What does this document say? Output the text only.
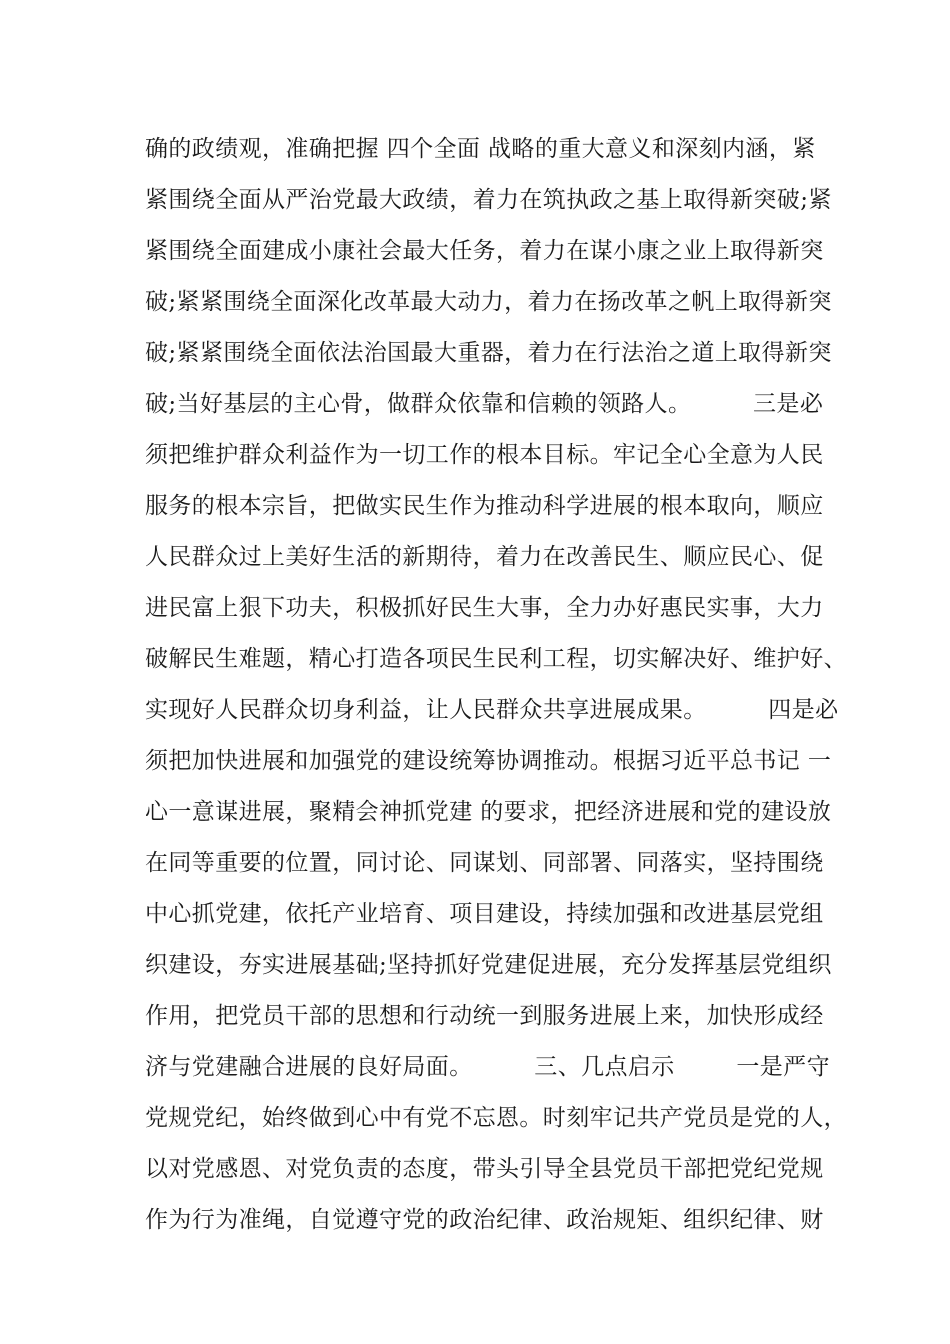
确的政绩观，准确把握 四个全面 战略的重大意义和深刻内涵，紧
紧围绕全面从严治党最大政绩，着力在筑执政之基上取得新突破;紧
紧围绕全面建成小康社会最大任务，着力在谋小康之业上取得新突
破;紧紧围绕全面深化改革最大动力，着力在扬改革之帆上取得新突
破;紧紧围绕全面依法治国最大重器，着力在行法治之道上取得新突
破;当好基层的主心骨，做群众依靠和信赖的领路人。        三是必
须把维护群众利益作为一切工作的根本目标。牢记全心全意为人民
服务的根本宗旨，把做实民生作为推动科学进展的根本取向，顺应
人民群众过上美好生活的新期待，着力在改善民生、顺应民心、促
进民富上狠下功夫，积极抓好民生大事，全力办好惠民实事，大力
破解民生难题，精心打造各项民生民利工程，切实解决好、维护好、
实现好人民群众切身利益，让人民群众共享进展成果。        四是必
须把加快进展和加强党的建设统筹协调推动。根据习近平总书记 一
心一意谋进展，聚精会神抓党建 的要求，把经济进展和党的建设放
在同等重要的位置，同讨论、同谋划、同部署、同落实，坚持围绕
中心抓党建，依托产业培育、项目建设，持续加强和改进基层党组
织建设，夯实进展基础;坚持抓好党建促进展，充分发挥基层党组织
作用，把党员干部的思想和行动统一到服务进展上来，加快形成经
济与党建融合进展的良好局面。        三、几点启示        一是严守
党规党纪，始终做到心中有党不忘恩。时刻牢记共产党员是党的人，
以对党感恩、对党负责的态度，带头引导全县党员干部把党纪党规
作为行为准绳，自觉遵守党的政治纪律、政治规矩、组织纪律、财
